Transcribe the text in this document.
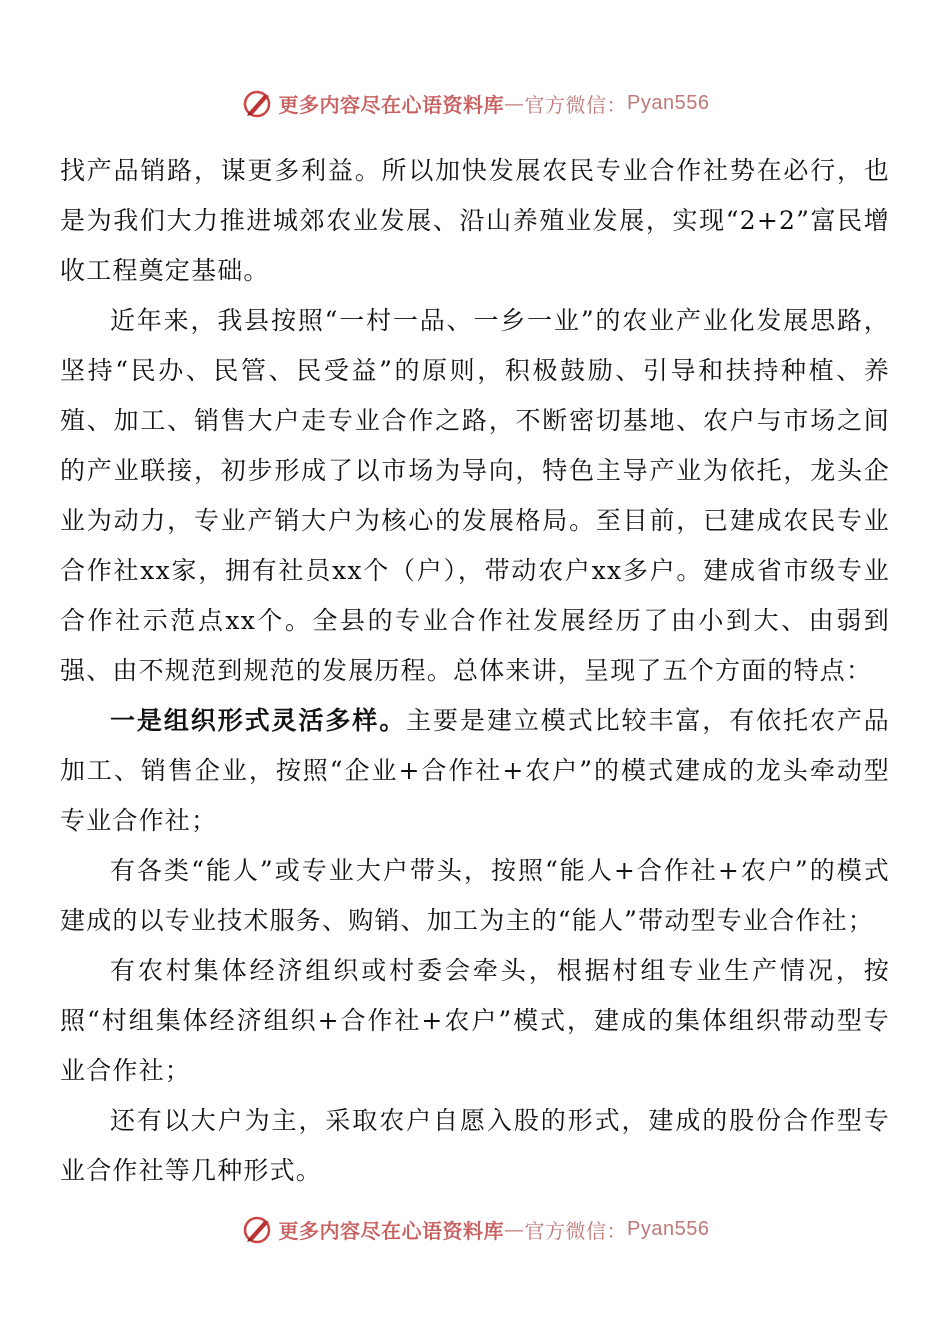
更多内容尽在心语资料库 — 官方微信： Pyan556

找产品销路，谋更多利益。所以加快发展农民专业合作社势在必行，也是为我们大力推进城郊农业发展、沿山养殖业发展，实现“2+2”富民增收工程奠定基础。

近年来，我县按照“一村一品、一乡一业”的农业产业化发展思路，坚持“民办、民管、民受益”的原则，积极鼓励、引导和扶持种植、养殖、加工、销售大户走专业合作之路，不断密切基地、农户与市场之间的产业联接，初步形成了以市场为导向，特色主导产业为依托，龙头企业为动力，专业产销大户为核心的发展格局。至目前，已建成农民专业合作社xx家，拥有社员xx个（户），带动农户xx多户。建成省市级专业合作社示范点xx个。全县的专业合作社发展经历了由小到大、由弱到强、由不规范到规范的发展历程。总体来讲，呈现了五个方面的特点：

一是组织形式灵活多样。主要是建立模式比较丰富，有依托农产品加工、销售企业，按照“企业+合作社+农户”的模式建成的龙头牵动型专业合作社；

有各类“能人”或专业大户带头，按照“能人+合作社+农户”的模式建成的以专业技术服务、购销、加工为主的“能人”带动型专业合作社；

有农村集体经济组织或村委会牵头，根据村组专业生产情况，按照“村组集体经济组织+合作社+农户”模式，建成的集体组织带动型专业合作社；

还有以大户为主，采取农户自愿入股的形式，建成的股份合作型专业合作社等几种形式。

更多内容尽在心语资料库 — 官方微信： Pyan556
